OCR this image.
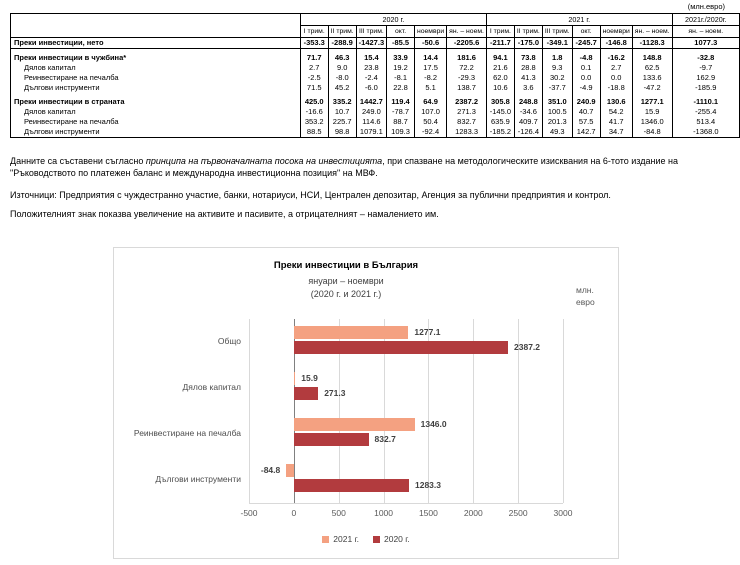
(млн.евро)
	2020 г.						2021 г.						2021г./2020г.
	I трим.	II трим.	III трим.	окт.	ноември	ян. – ноем.	I трим.	II трим.	III трим.	окт.	ноември	ян. – ноем.	ян. – ноем.
Преки инвестиции, нето	-353.3	-288.9	-1427.3	-85.5	-50.6	-2205.6	-211.7	-175.0	-349.1	-245.7	-146.8	-1128.3	1077.3

Преки инвестиции в чужбина*	71.7	46.3	15.4	33.9	14.4	181.6	94.1	73.8	1.8	-4.8	-16.2	148.8	-32.8
Дялов капитал	2.7	9.0	23.8	19.2	17.5	72.2	21.6	28.8	9.3	0.1	2.7	62.5	-9.7
Реинвестиране на печалба	-2.5	-8.0	-2.4	-8.1	-8.2	-29.3	62.0	41.3	30.2	0.0	0.0	133.6	162.9
Дългови инструменти	71.5	45.2	-6.0	22.8	5.1	138.7	10.6	3.6	-37.7	-4.9	-18.8	-47.2	-185.9

Преки инвестиции в страната	425.0	335.2	1442.7	119.4	64.9	2387.2	305.8	248.8	351.0	240.9	130.6	1277.1	-1110.1
Дялов капитал	-16.6	10.7	249.0	-78.7	107.0	271.3	-145.0	-34.6	100.5	40.7	54.2	15.9	-255.4
Реинвестиране на печалба	353.2	225.7	114.6	88.7	50.4	832.7	635.9	409.7	201.3	57.5	41.7	1346.0	513.4
Дългови инструменти	88.5	98.8	1079.1	109.3	-92.4	1283.3	-185.2	-126.4	49.3	142.7	34.7	-84.8	-1368.0

Данните са съставени съгласно принципа на първоначалната посока на инвестицията, при спазване на методологическите изисквания на 6-тото издание на "Ръководството по платежен баланс и международна инвестиционна позиция" на МВФ.

Източници: Предприятия с чуждестранно участие, банки, нотариуси, НСИ, Централен депозитар, Агенция за публични предприятия и контрол.

Положителният знак показва увеличение на активите и пасивите, а отрицателният – намалението им.

Преки инвестиции в България
януари – ноември
(2020 г. и 2021 г.)	млн. евро
2021 г.	2020 г.
-500	0	500	1000	1500	2000	2500	3000
Общо
1277.1
2387.2
Дялов капитал
15.9
271.3
Реинвестиране на печалба
1346.0
832.7
Дългови инструменти
-84.8
1283.3
